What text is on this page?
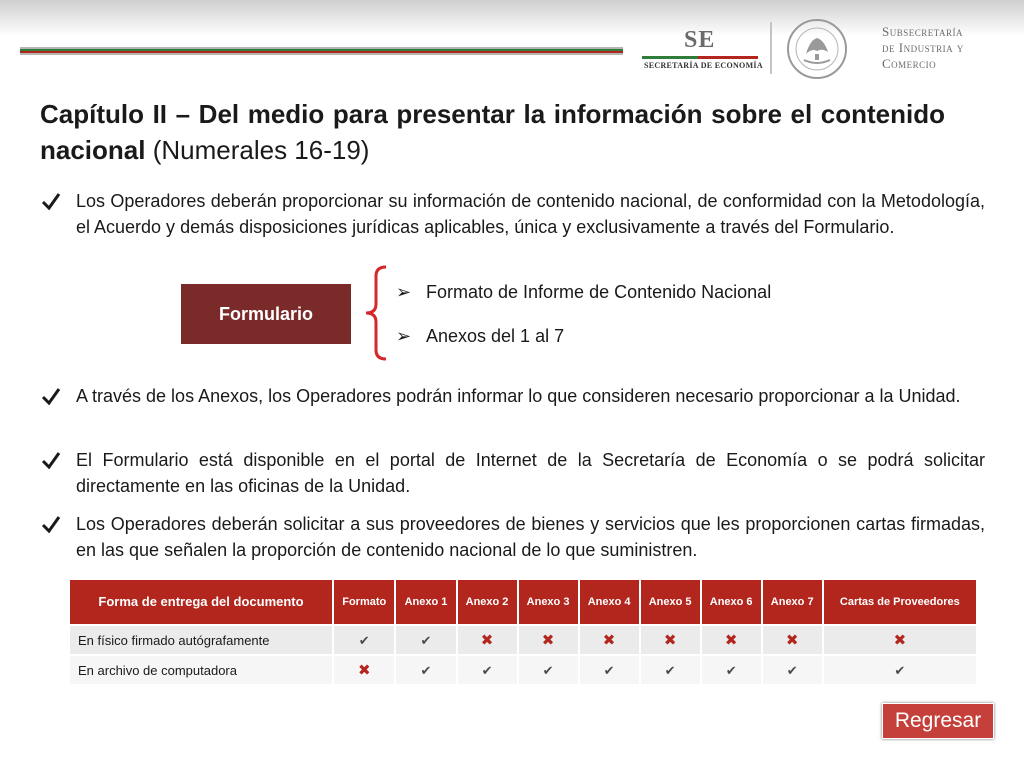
SE
SECRETARÍA DE ECONOMÍA
Subsecretaría
de Industria y
Comercio
Capítulo II – Del medio para presentar la información sobre el contenido nacional (Numerales 16-19)
Los Operadores deberán proporcionar su información de contenido nacional, de conformidad con la Metodología, el Acuerdo y demás disposiciones jurídicas aplicables, única y exclusivamente a través del Formulario.
Formulario
➢ Formato de Informe de Contenido Nacional
➢ Anexos del 1 al 7
A través de los Anexos, los Operadores podrán informar lo que consideren necesario proporcionar a la Unidad.
El Formulario está disponible en el portal de Internet de la Secretaría de Economía o se podrá solicitar directamente en las oficinas de la Unidad.
Los Operadores deberán solicitar a sus proveedores de bienes y servicios que les proporcionen cartas firmadas, en las que señalen la proporción de contenido nacional de lo que suministren.
Forma de entrega del documento	Formato	Anexo 1	Anexo 2	Anexo 3	Anexo 4	Anexo 5	Anexo 6	Anexo 7	Cartas de Proveedores
En físico firmado autógrafamente	✔	✔	✖	✖	✖	✖	✖	✖	✖
En archivo de computadora	✖	✔	✔	✔	✔	✔	✔	✔	✔
Regresar
